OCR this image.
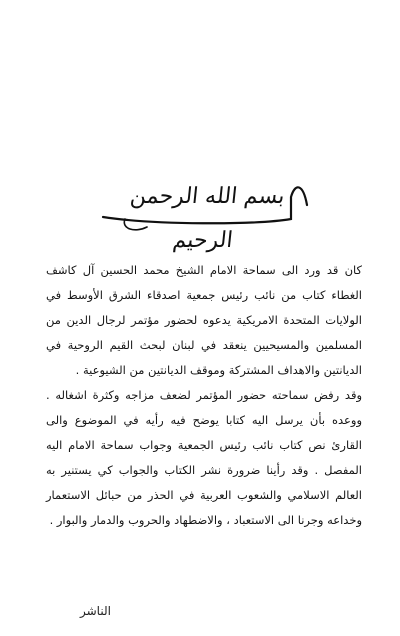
بسم الله الرحمن الرحيم

كان قد ورد الى سماحة الامام الشيخ محمد الحسين آل كاشف الغطاء كتاب من نائب رئيس جمعية اصدقاء الشرق الأوسط في الولايات المتحدة الامريكية يدعوه لحضور مؤتمر لرجال الدين من المسلمين والمسيحيين ينعقد في لبنان لبحث القيم الروحية في الديانتين والاهداف المشتركة وموقف الديانتين من الشيوعية .

وقد رفض سماحته حضور المؤتمر لضعف مزاجه وكثرة اشغاله . ووعده بأن يرسل اليه كتابا يوضح فيه رأيه في الموضوع والى القارئ نص كتاب نائب رئيس الجمعية وجواب سماحة الامام اليه المفصل . وقد رأينا ضرورة نشر الكتاب والجواب كي يستنير به العالم الاسلامي والشعوب العربية في الحذر من حبائل الاستعمار وخداعه وجرنا الى الاستعباد ، والاضطهاد والحروب والدمار والبوار .

الناشر
